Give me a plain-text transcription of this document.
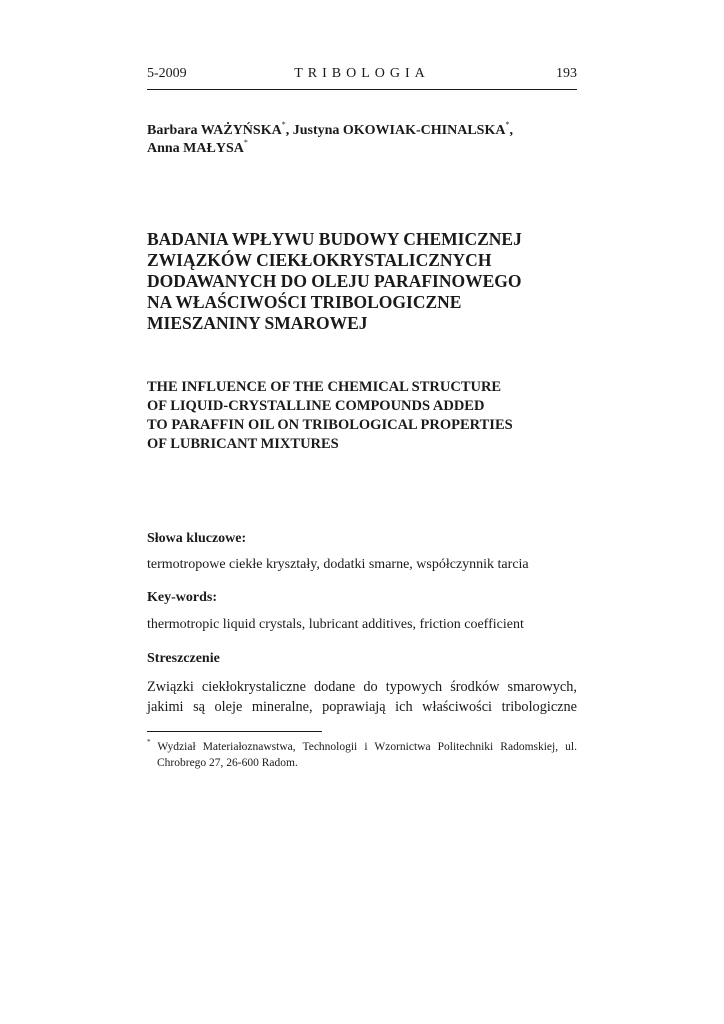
5-2009	TRIBOLOGIA	193
Barbara WAŻYŃSKA*, Justyna OKOWIAK-CHINALSKA*,
Anna MAŁYSA*
BADANIA WPŁYWU BUDOWY CHEMICZNEJ
ZWIĄZKÓW CIEKŁOKRYSTALICZNYCH
DODAWANYCH DO OLEJU PARAFINOWEGO
NA WŁAŚCIWOŚCI TRIBOLOGICZNE
MIESZANINY SMAROWEJ
THE INFLUENCE OF THE CHEMICAL STRUCTURE
OF LIQUID-CRYSTALLINE COMPOUNDS ADDED
TO PARAFFIN OIL ON TRIBOLOGICAL PROPERTIES
OF LUBRICANT MIXTURES
Słowa kluczowe:
termotropowe ciekłe kryształy, dodatki smarne, współczynnik tarcia
Key-words:
thermotropic liquid crystals, lubricant additives, friction coefficient
Streszczenie
Związki ciekłokrystaliczne dodane do typowych środków smarowych,
jakimi są oleje mineralne, poprawiają ich właściwości tribologiczne
* Wydział Materiałoznawstwa, Technologii i Wzornictwa Politechniki Radomskiej, ul. Chrobrego 27, 26-600 Radom.
